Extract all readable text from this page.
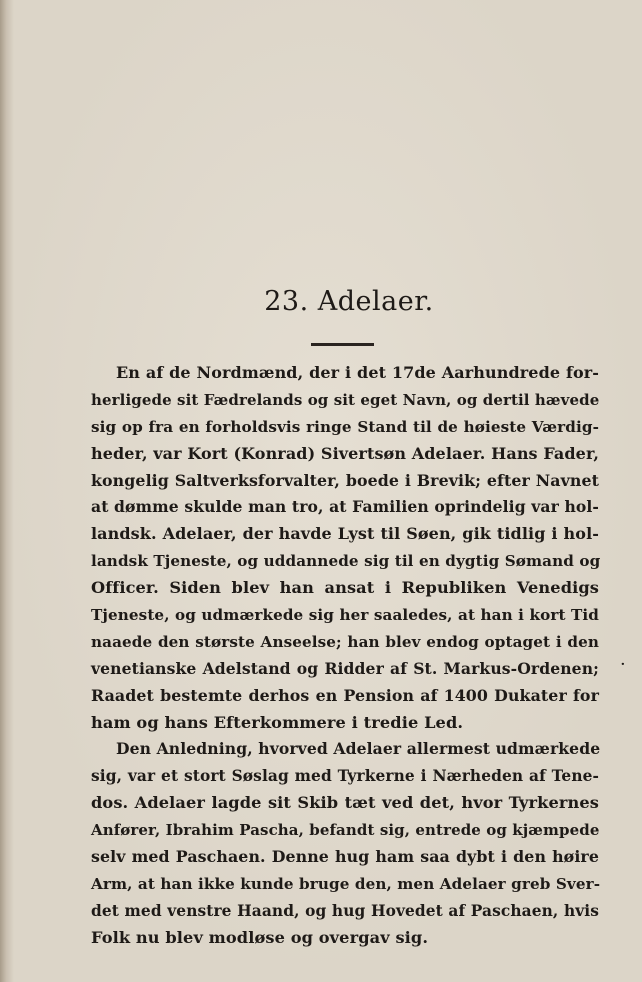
23. Adelaer.
En af de Nordmænd, der i det 17de Aarhundrede for-
herligede sit Fædrelands og sit eget Navn, og dertil hævede
sig op fra en forholdsvis ringe Stand til de høieste Værdig-
heder, var Kort (Konrad) Sivertsøn Adelaer. Hans Fader,
kongelig Saltverksforvalter, boede i Brevik; efter Navnet
at dømme skulde man tro, at Familien oprindelig var hol-
landsk. Adelaer, der havde Lyst til Søen, gik tidlig i hol-
landsk Tjeneste, og uddannede sig til en dygtig Sømand og
Officer. Siden blev han ansat i Republiken Venedigs
Tjeneste, og udmærkede sig her saaledes, at han i kort Tid
naaede den største Anseelse; han blev endog optaget i den
venetianske Adelstand og Ridder af St. Markus-Ordenen;
Raadet bestemte derhos en Pension af 1400 Dukater for
ham og hans Efterkommere i tredie Led.
Den Anledning, hvorved Adelaer allermest udmærkede
sig, var et stort Søslag med Tyrkerne i Nærheden af Tene-
dos. Adelaer lagde sit Skib tæt ved det, hvor Tyrkernes
Anfører, Ibrahim Pascha, befandt sig, entrede og kjæmpede
selv med Paschaen. Denne hug ham saa dybt i den høire
Arm, at han ikke kunde bruge den, men Adelaer greb Sver-
det med venstre Haand, og hug Hovedet af Paschaen, hvis
Folk nu blev modløse og overgav sig.
·
